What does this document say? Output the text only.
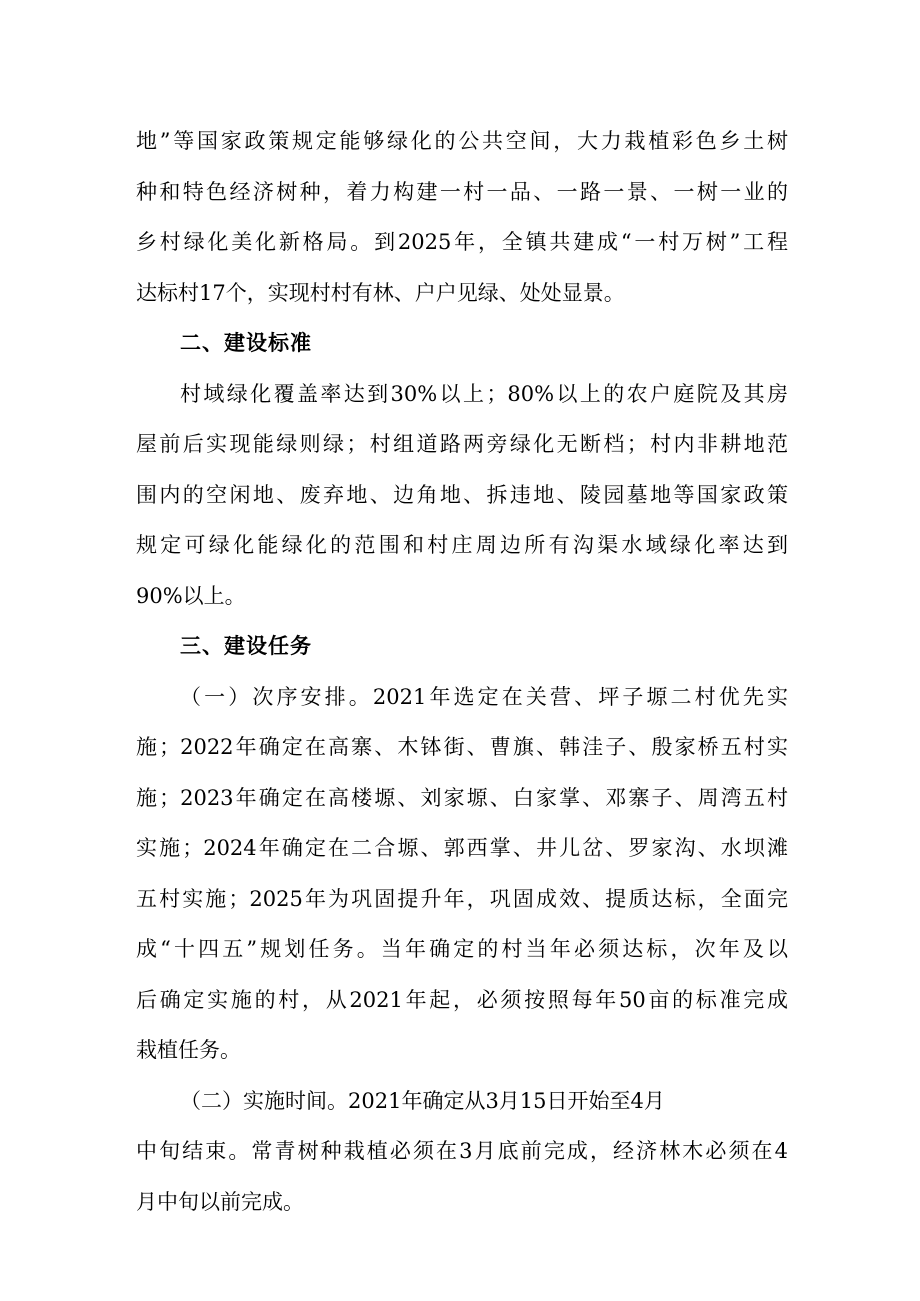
地”等国家政策规定能够绿化的公共空间，大力栽植彩色乡土树
种和特色经济树种，着力构建一村一品、一路一景、一树一业的
乡村绿化美化新格局。到2025年，全镇共建成“一村万树”工程
达标村17个，实现村村有林、户户见绿、处处显景。
二、建设标准
村域绿化覆盖率达到30%以上；80%以上的农户庭院及其房
屋前后实现能绿则绿；村组道路两旁绿化无断档；村内非耕地范
围内的空闲地、废弃地、边角地、拆违地、陵园墓地等国家政策
规定可绿化能绿化的范围和村庄周边所有沟渠水域绿化率达到
90%以上。
三、建设任务
（一）次序安排。2021年选定在关营、坪子塬二村优先实
施；2022年确定在高寨、木钵街、曹旗、韩洼子、殷家桥五村实
施；2023年确定在高楼塬、刘家塬、白家掌、邓寨子、周湾五村
实施；2024年确定在二合塬、郭西掌、井儿岔、罗家沟、水坝滩
五村实施；2025年为巩固提升年，巩固成效、提质达标，全面完
成“十四五”规划任务。当年确定的村当年必须达标，次年及以
后确定实施的村，从2021年起，必须按照每年50亩的标准完成
栽植任务。
（二）实施时间。2021年确定从3月15日开始至4月
中旬结束。常青树种栽植必须在3月底前完成，经济林木必须在4
月中旬以前完成。
